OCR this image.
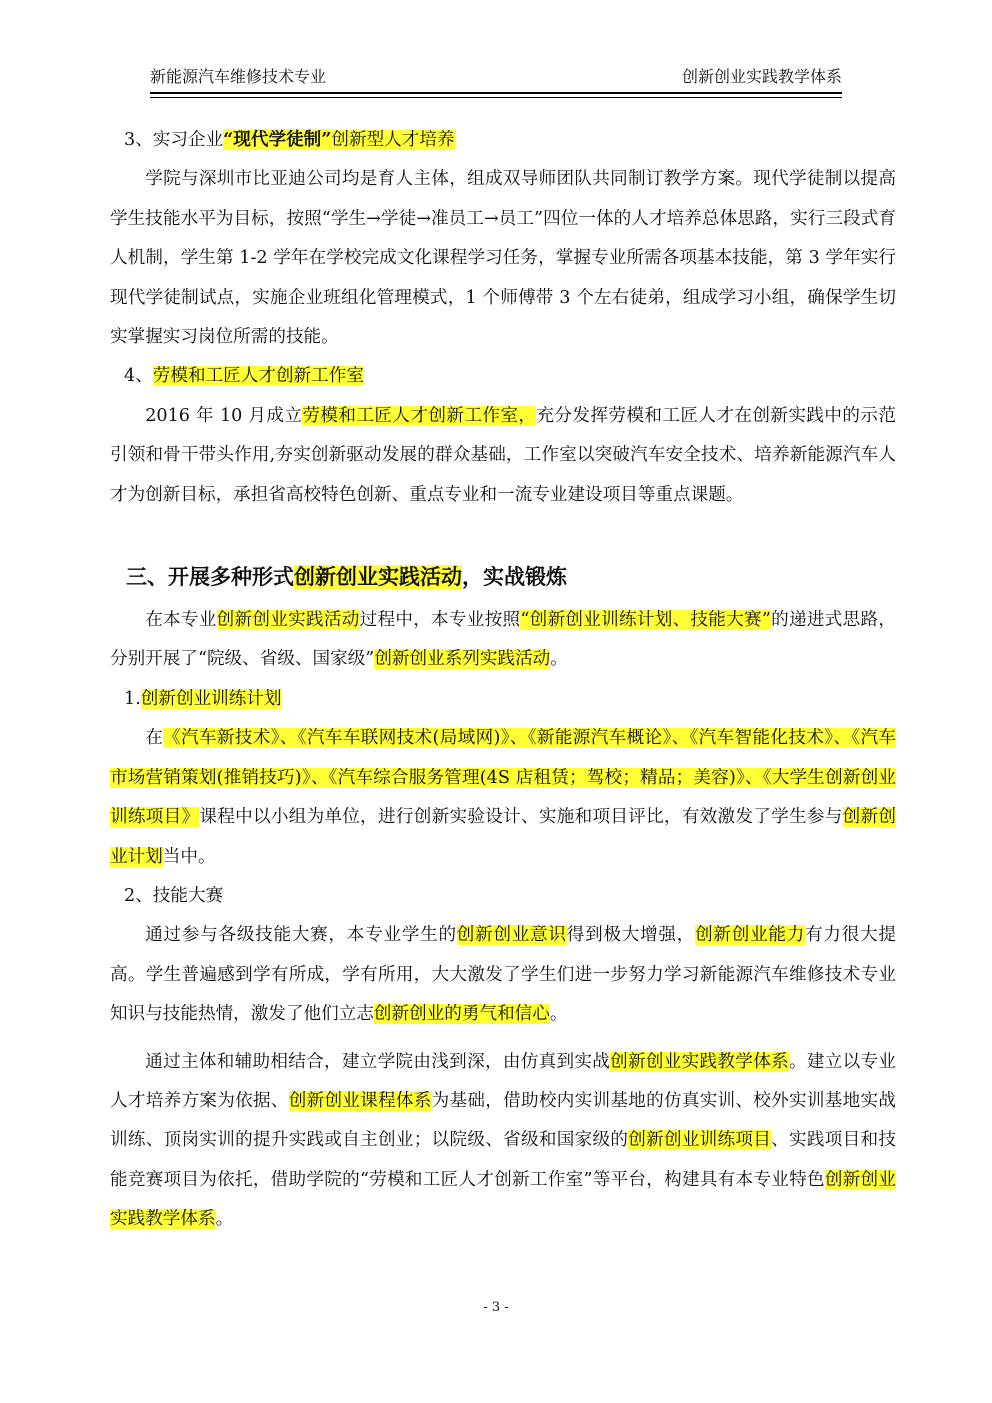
新能源汽车维修技术专业	创新创业实践教学体系

3、实习企业“现代学徒制”创新型人才培养

学院与深圳市比亚迪公司均是育人主体，组成双导师团队共同制订教学方案。现代学徒制以提高学生技能水平为目标，按照“学生→学徒→准员工→员工”四位一体的人才培养总体思路，实行三段式育人机制，学生第 1-2 学年在学校完成文化课程学习任务，掌握专业所需各项基本技能，第 3 学年实行现代学徒制试点，实施企业班组化管理模式，1 个师傅带 3 个左右徒弟，组成学习小组，确保学生切实掌握实习岗位所需的技能。

4、劳模和工匠人才创新工作室

2016 年 10 月成立劳模和工匠人才创新工作室，充分发挥劳模和工匠人才在创新实践中的示范引领和骨干带头作用,夯实创新驱动发展的群众基础，工作室以突破汽车安全技术、培养新能源汽车人才为创新目标，承担省高校特色创新、重点专业和一流专业建设项目等重点课题。

三、开展多种形式创新创业实践活动，实战锻炼

在本专业创新创业实践活动过程中，本专业按照“创新创业训练计划、技能大赛”的递进式思路，分别开展了“院级、省级、国家级”创新创业系列实践活动。

1.创新创业训练计划

在《汽车新技术》、《汽车车联网技术(局域网)》、《新能源汽车概论》、《汽车智能化技术》、《汽车市场营销策划(推销技巧)》、《汽车综合服务管理(4S 店租赁；驾校；精品；美容)》、《大学生创新创业训练项目》课程中以小组为单位，进行创新实验设计、实施和项目评比，有效激发了学生参与创新创业计划当中。

2、技能大赛

通过参与各级技能大赛，本专业学生的创新创业意识得到极大增强，创新创业能力有力很大提高。学生普遍感到学有所成，学有所用，大大激发了学生们进一步努力学习新能源汽车维修技术专业知识与技能热情，激发了他们立志创新创业的勇气和信心。

通过主体和辅助相结合，建立学院由浅到深，由仿真到实战创新创业实践教学体系。建立以专业人才培养方案为依据、创新创业课程体系为基础，借助校内实训基地的仿真实训、校外实训基地实战训练、顶岗实训的提升实践或自主创业；以院级、省级和国家级的创新创业训练项目、实践项目和技能竞赛项目为依托，借助学院的“劳模和工匠人才创新工作室”等平台，构建具有本专业特色创新创业实践教学体系。

- 3 -
